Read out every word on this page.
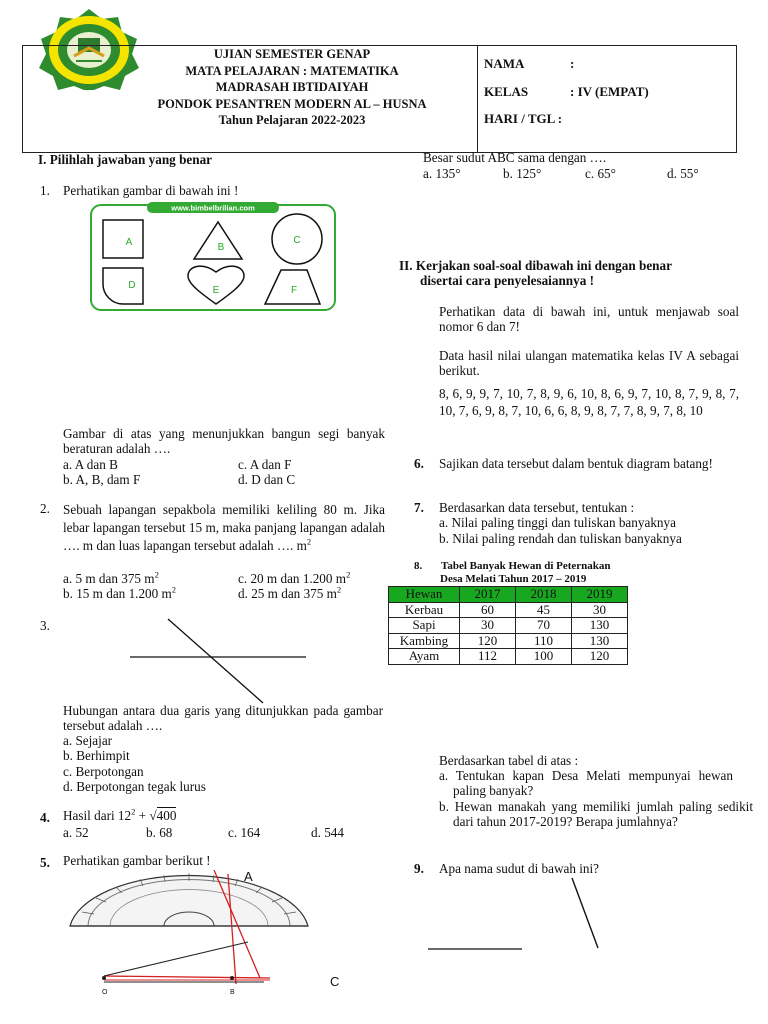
UJIAN SEMESTER GENAP
MATA PELAJARAN : MATEMATIKA
MADRASAH IBTIDAIYAH
PONDOK PESANTREN MODERN AL – HUSNA
Tahun Pelajaran 2022-2023
NAMA	:
KELAS	: IV (EMPAT)
HARI / TGL :
I. Pilihlah jawaban yang benar
1. Perhatikan gambar di bawah ini !
www.bimbelbrilian.com
A	B
C
D	E	F
Gambar di atas yang menunjukkan bangun segi banyak beraturan adalah ….
a. A dan B	c. A dan F
b. A, B, dam F	d. D dan C
2. Sebuah lapangan sepakbola memiliki keliling 80 m. Jika lebar lapangan tersebut 15 m, maka panjang lapangan adalah …. m dan luas lapangan tersebut adalah …. $m^2$
a. 5 m dan 375 $m^2$	c. 20 m dan 1.200 $m^2$
b. 15 m dan 1.200 $m^2$	d. 25 m dan 375 $m^2$
3.
Hubungan antara dua garis yang ditunjukkan pada gambar tersebut adalah ….
a. Sejajar
b. Berhimpit
c. Berpotongan
d. Berpotongan tegak lurus
4. Hasil dari $12^2 + √400$
a. 52	b. 68	c. 164	d. 544
5. Perhatikan gambar berikut !
A
O	B
C
Besar sudut ABC sama dengan ….
a. 135°	b. 125°	c. 65°	d. 55°
II. Kerjakan soal-soal dibawah ini dengan benar
disertai cara penyelesaiannya !
Perhatikan data di bawah ini, untuk menjawab soal nomor 6 dan 7!
Data hasil nilai ulangan matematika kelas IV A sebagai berikut.
8, 6, 9, 9, 7, 10, 7, 8, 9, 6, 10, 8, 6, 9, 7, 10, 8, 7, 9, 8, 7, 10, 7, 6, 9, 8, 7, 10, 6, 6, 8, 9, 8, 7, 7, 8, 9, 7, 8, 10
6. Sajikan data tersebut dalam bentuk diagram batang!
7. Berdasarkan data tersebut, tentukan :
a. Nilai paling tinggi dan tuliskan banyaknya
b. Nilai paling rendah dan tuliskan banyaknya
8. Tabel Banyak Hewan di Peternakan
Desa Melati Tahun 2017 – 2019
Hewan	2017	2018	2019
Kerbau	60	45	30
Sapi	30	70	130
Kambing	120	110	130
Ayam	112	100	120
Berdasarkan tabel di atas :
a. Tentukan kapan Desa Melati mempunyai hewan paling banyak?
b. Hewan manakah yang memiliki jumlah paling sedikit dari tahun 2017-2019? Berapa jumlahnya?
9. Apa nama sudut di bawah ini?
